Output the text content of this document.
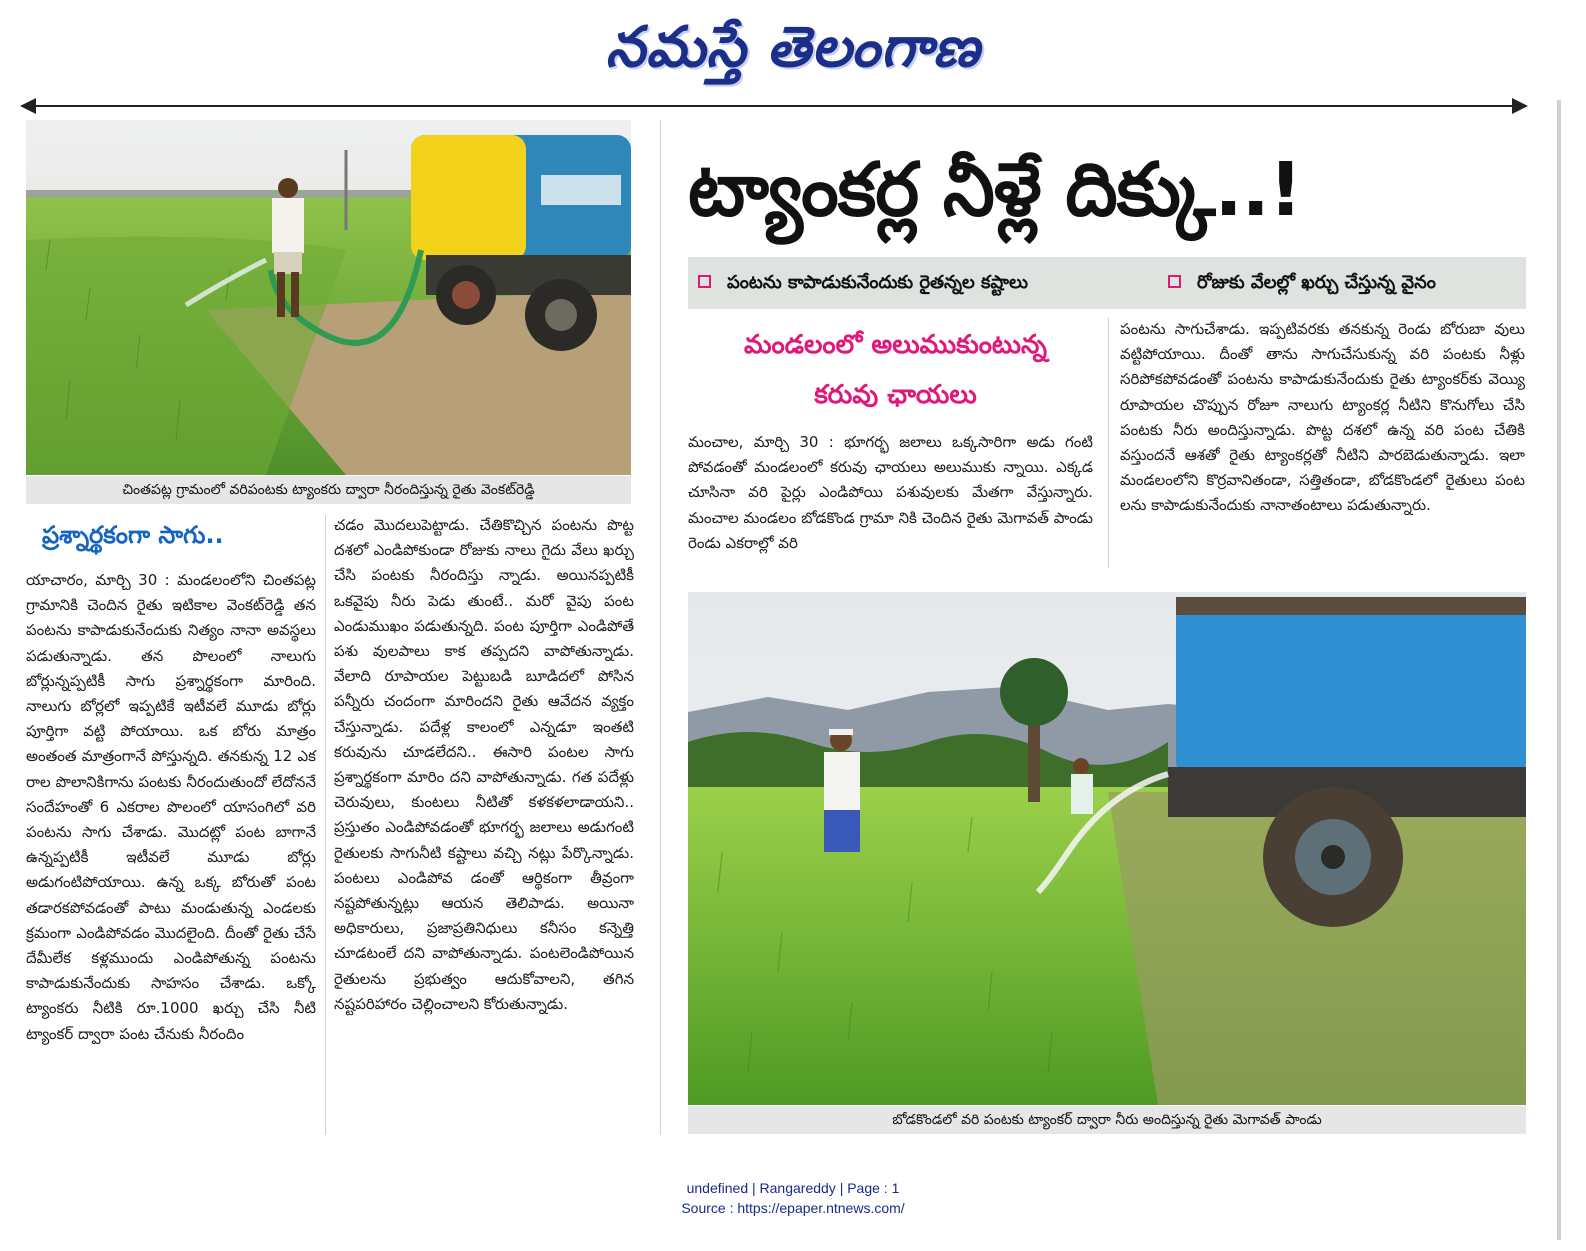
నమస్తే తెలంగాణ
చింతపట్ల గ్రామంలో వరిపంటకు ట్యాంకరు ద్వారా నీరందిస్తున్న రైతు వెంకట్‌రెడ్డి
ట్యాంకర్ల నీళ్లే దిక్కు..!
పంటను కాపాడుకునేందుకు రైతన్నల కష్టాలు	రోజుకు వేలల్లో ఖర్చు చేస్తున్న వైనం
మండలంలో అలుముకుంటున్న
కరువు ఛాయలు
ప్రశ్నార్థకంగా సాగు..

యాచారం, మార్చి 30 : మండలంలోని చింతపట్ల గ్రామానికి చెందిన రైతు ఇటికాల వెంకట్‌రెడ్డి తన పంటను కాపాడుకునేందుకు నిత్యం నానా అవస్థలు పడుతున్నాడు. తన పొలంలో నాలుగు బోర్లున్నప్పటికీ సాగు ప్రశ్నార్థకంగా మారింది. నాలుగు బోర్లలో ఇప్పటికే ఇటీవలే మూడు బోర్లు పూర్తిగా వట్టి పోయాయి. ఒక బోరు మాత్రం అంతంత మాత్రంగానే పోస్తున్నది. తనకున్న 12 ఎక రాల పొలానికిగాను పంటకు నీరందుతుందో లేదోననే సందేహంతో 6 ఎకరాల పొలంలో యాసంగిలో వరి పంటను సాగు చేశాడు. మొదట్లో పంట బాగానే ఉన్నప్పటికీ ఇటీవలే మూడు బోర్లు అడుగంటిపోయాయి. ఉన్న ఒక్క బోరుతో పంట తడారకపోవడంతో పాటు మండుతున్న ఎండలకు క్రమంగా ఎండిపోవడం మొదలైంది. దీంతో రైతు చేసే దేమీలేక కళ్లముందు ఎండిపోతున్న పంటను కాపాడుకునేందుకు సాహసం చేశాడు. ఒక్కో ట్యాంకరు నీటికి రూ.1000 ఖర్చు చేసి నీటి ట్యాంకర్ ద్వారా పంట చేనుకు నీరందిం

చడం మొదలుపెట్టాడు. చేతికొచ్చిన పంటను పొట్ట దశలో ఎండిపోకుండా రోజుకు నాలు గైదు వేలు ఖర్చు చేసి పంటకు నీరందిస్తు న్నాడు. అయినప్పటికీ ఒకవైపు నీరు పెడు తుంటే.. మరో వైపు పంట ఎండుముఖం పడుతున్నది. పంట పూర్తిగా ఎండిపోతే పశు వులపాలు కాక తప్పదని వాపోతున్నాడు. వేలాది రూపాయల పెట్టుబడి బూడిదలో పోసిన పన్నీరు చందంగా మారిందని రైతు ఆవేదన వ్యక్తం చేస్తున్నాడు. పదేళ్ల కాలంలో ఎన్నడూ ఇంతటి కరువును చూడలేదని.. ఈసారి పంటల సాగు ప్రశ్నార్థకంగా మారిం దని వాపోతున్నాడు. గత పదేళ్లు చెరువులు, కుంటలు నీటితో కళకళలాడాయని.. ప్రస్తుతం ఎండిపోవడంతో భూగర్భ జలాలు అడుగంటి రైతులకు సాగునీటి కష్టాలు వచ్చి నట్లు పేర్కొన్నాడు. పంటలు ఎండిపోవ డంతో ఆర్థికంగా తీవ్రంగా నష్టపోతున్నట్లు ఆయన తెలిపాడు. అయినా అధికారులు, ప్రజాప్రతినిధులు కనీసం కన్నెత్తి చూడటంలే దని వాపోతున్నాడు. పంటలెండిపోయిన రైతులను ప్రభుత్వం ఆదుకోవాలని, తగిన నష్టపరిహారం చెల్లించాలని కోరుతున్నాడు.

మంచాల, మార్చి 30 : భూగర్భ జలాలు ఒక్కసారిగా అడు గంటి పోవడంతో మండలంలో కరువు ఛాయలు అలుముకు న్నాయి. ఎక్కడ చూసినా వరి పైర్లు ఎండిపోయి పశువులకు మేతగా వేస్తున్నారు. మంచాల మండలం బోడకొండ గ్రామా నికి చెందిన రైతు మెగావత్ పాండు రెండు ఎకరాల్లో వరి

పంటను సాగుచేశాడు. ఇప్పటివరకు తనకున్న రెండు బోరుబా వులు వట్టిపోయాయి. దీంతో తాను సాగుచేసుకున్న వరి పంటకు నీళ్లు సరిపోకపోవడంతో పంటను కాపాడుకునేందుకు రైతు ట్యాంకర్‌కు వెయ్యి రూపాయల చొప్పున రోజూ నాలుగు ట్యాంకర్ల నీటిని కొనుగోలు చేసి పంటకు నీరు అందిస్తున్నాడు. పొట్ట దశలో ఉన్న వరి పంట చేతికి వస్తుందనే ఆశతో రైతు ట్యాంకర్లతో నీటిని పారబెడుతున్నాడు. ఇలా మండలంలోని కొర్రవానితండా, సత్తితండా, బోడకొండలో రైతులు పంట లను కాపాడుకునేందుకు నానాతంటాలు పడుతున్నారు.

బోడకొండలో వరి పంటకు ట్యాంకర్ ద్వారా నీరు అందిస్తున్న రైతు మెగావత్ పాండు
undefined | Rangareddy | Page : 1
Source : https://epaper.ntnews.com/
